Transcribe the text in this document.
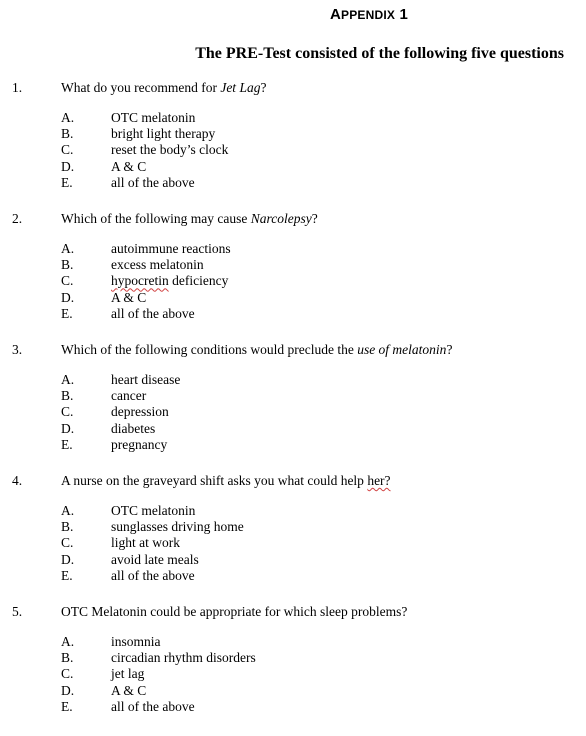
APPENDIX 1
The PRE-Test consisted of the following five questions
1.	What do you recommend for Jet Lag?
A.	OTC melatonin
B.	bright light therapy
C.	reset the body’s clock
D.	A & C
E.	all of the above
2.	Which of the following may cause Narcolepsy?
A.	autoimmune reactions
B.	excess melatonin
C.	hypocretin deficiency
D.	A & C
E.	all of the above
3.	Which of the following conditions would preclude the use of melatonin?
A.	heart disease
B.	cancer
C.	depression
D.	diabetes
E.	pregnancy
4.	A nurse on the graveyard shift asks you what could help her?
A.	OTC melatonin
B.	sunglasses driving home
C.	light at work
D.	avoid late meals
E.	all of the above
5.	OTC Melatonin could be appropriate for which sleep problems?
A.	insomnia
B.	circadian rhythm disorders
C.	jet lag
D.	A & C
E.	all of the above
